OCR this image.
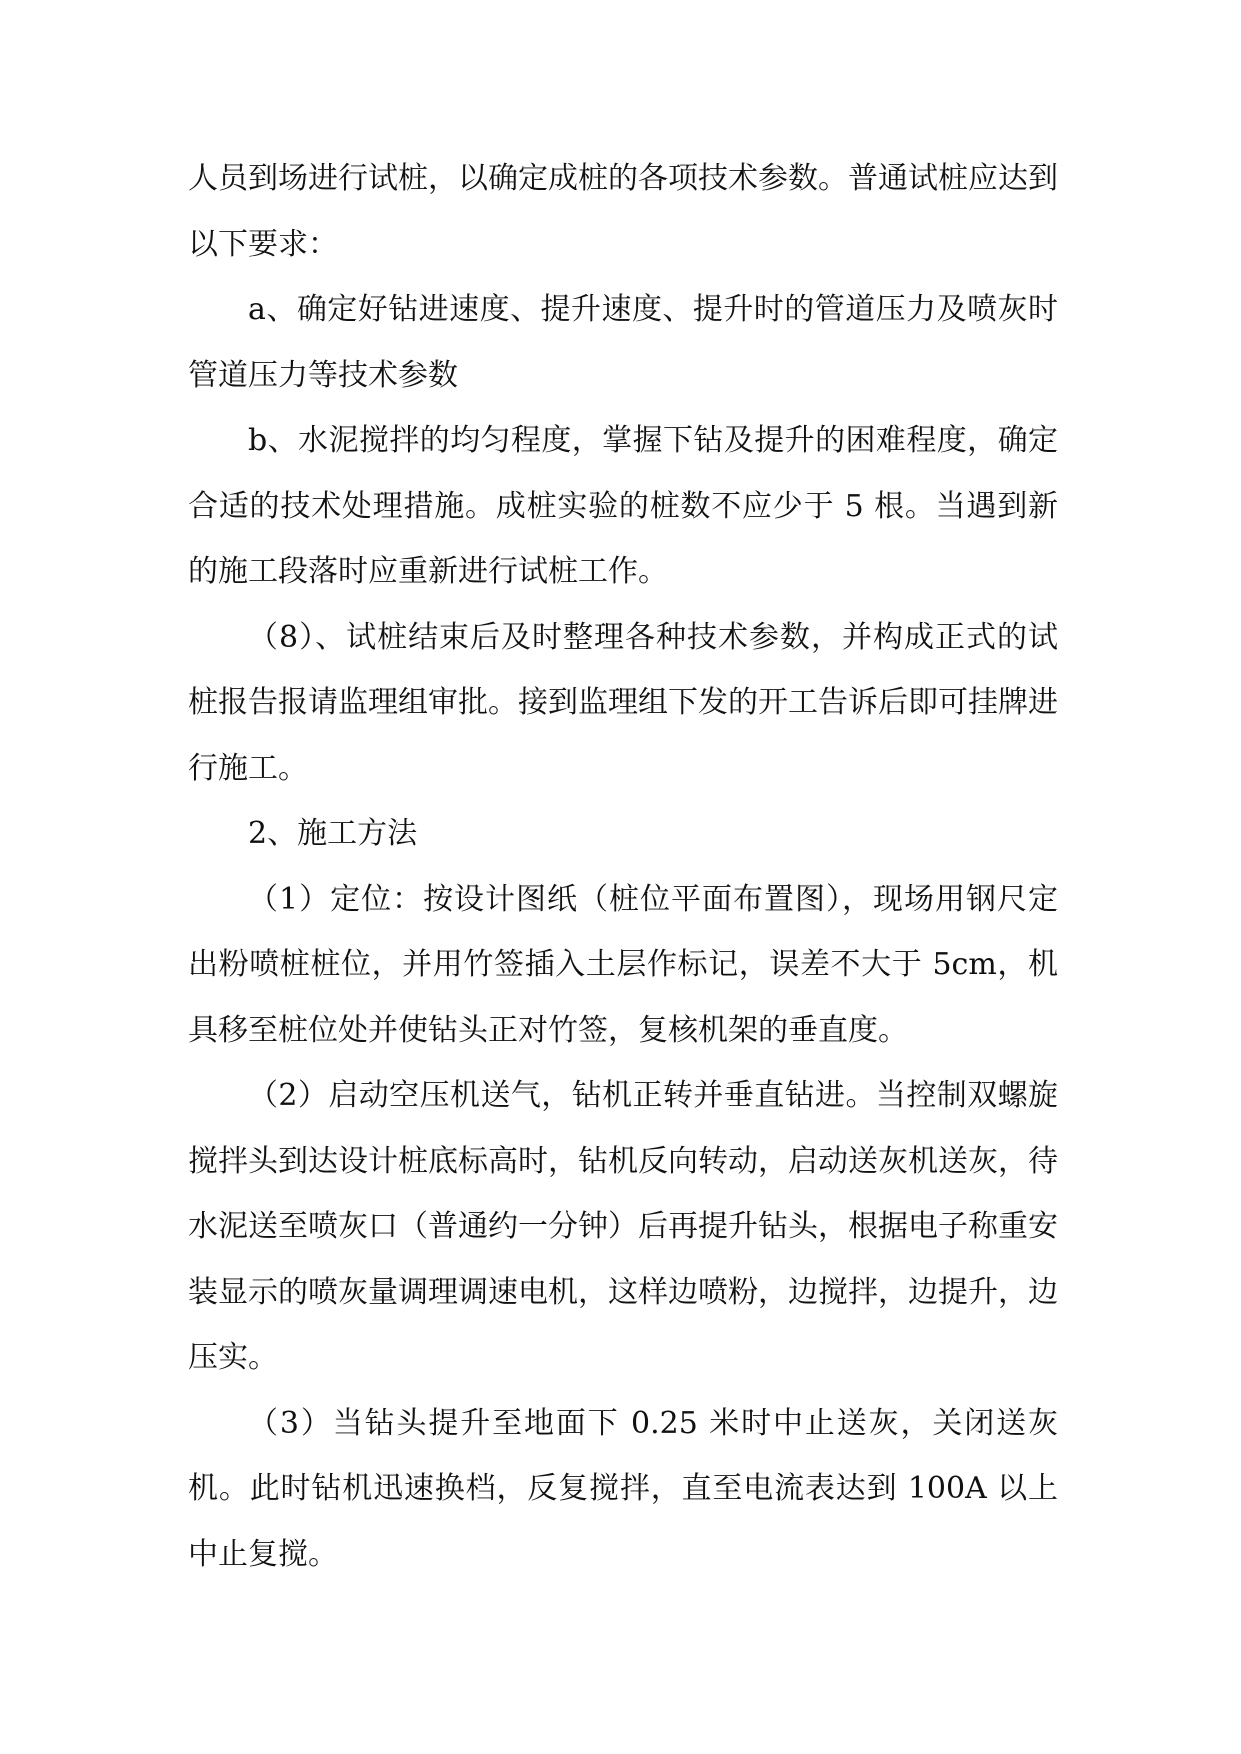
人员到场进行试桩，以确定成桩的各项技术参数。普通试桩应达到以下要求：

a、确定好钻进速度、提升速度、提升时的管道压力及喷灰时管道压力等技术参数

b、水泥搅拌的均匀程度，掌握下钻及提升的困难程度，确定合适的技术处理措施。成桩实验的桩数不应少于 5 根。当遇到新的施工段落时应重新进行试桩工作。

（8）、试桩结束后及时整理各种技术参数，并构成正式的试桩报告报请监理组审批。接到监理组下发的开工告诉后即可挂牌进行施工。

2、施工方法

（1）定位：按设计图纸（桩位平面布置图），现场用钢尺定出粉喷桩桩位，并用竹签插入土层作标记，误差不大于 5cm，机具移至桩位处并使钻头正对竹签，复核机架的垂直度。

（2）启动空压机送气，钻机正转并垂直钻进。当控制双螺旋搅拌头到达设计桩底标高时，钻机反向转动，启动送灰机送灰，待水泥送至喷灰口（普通约一分钟）后再提升钻头，根据电子称重安装显示的喷灰量调理调速电机，这样边喷粉，边搅拌，边提升，边压实。

（3）当钻头提升至地面下 0.25 米时中止送灰，关闭送灰机。此时钻机迅速换档，反复搅拌，直至电流表达到 100A 以上中止复搅。
